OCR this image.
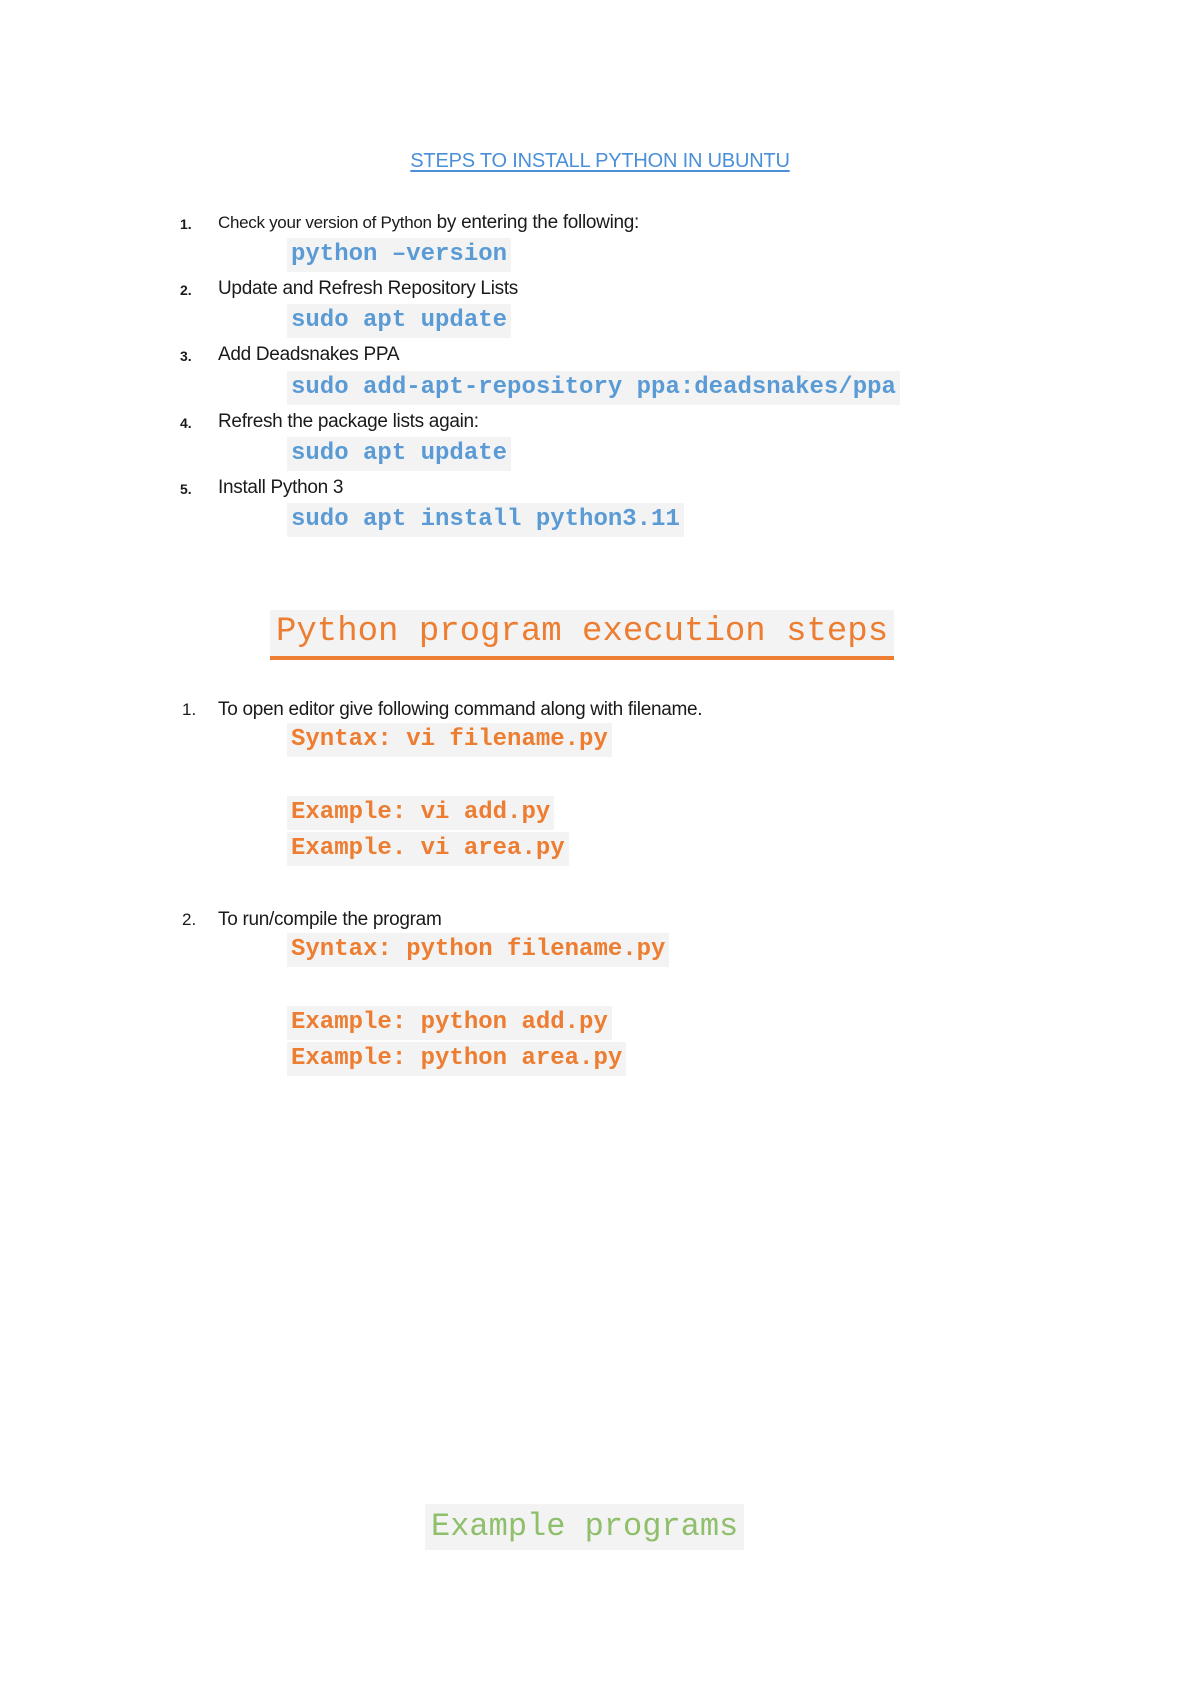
STEPS TO INSTALL PYTHON IN UBUNTU
1.	Check your version of Python by entering the following:
python –version
2.	Update and Refresh Repository Lists
sudo apt update
3.	Add Deadsnakes PPA
sudo add-apt-repository ppa:deadsnakes/ppa
4.	Refresh the package lists again:
sudo apt update
5.	Install Python 3
sudo apt install python3.11
Python program execution steps
1.	To open editor give following command along with filename.
Syntax: vi filename.py
Example: vi add.py
Example. vi area.py
2.	To run/compile the program
Syntax: python filename.py
Example: python add.py
Example: python area.py
Example programs
